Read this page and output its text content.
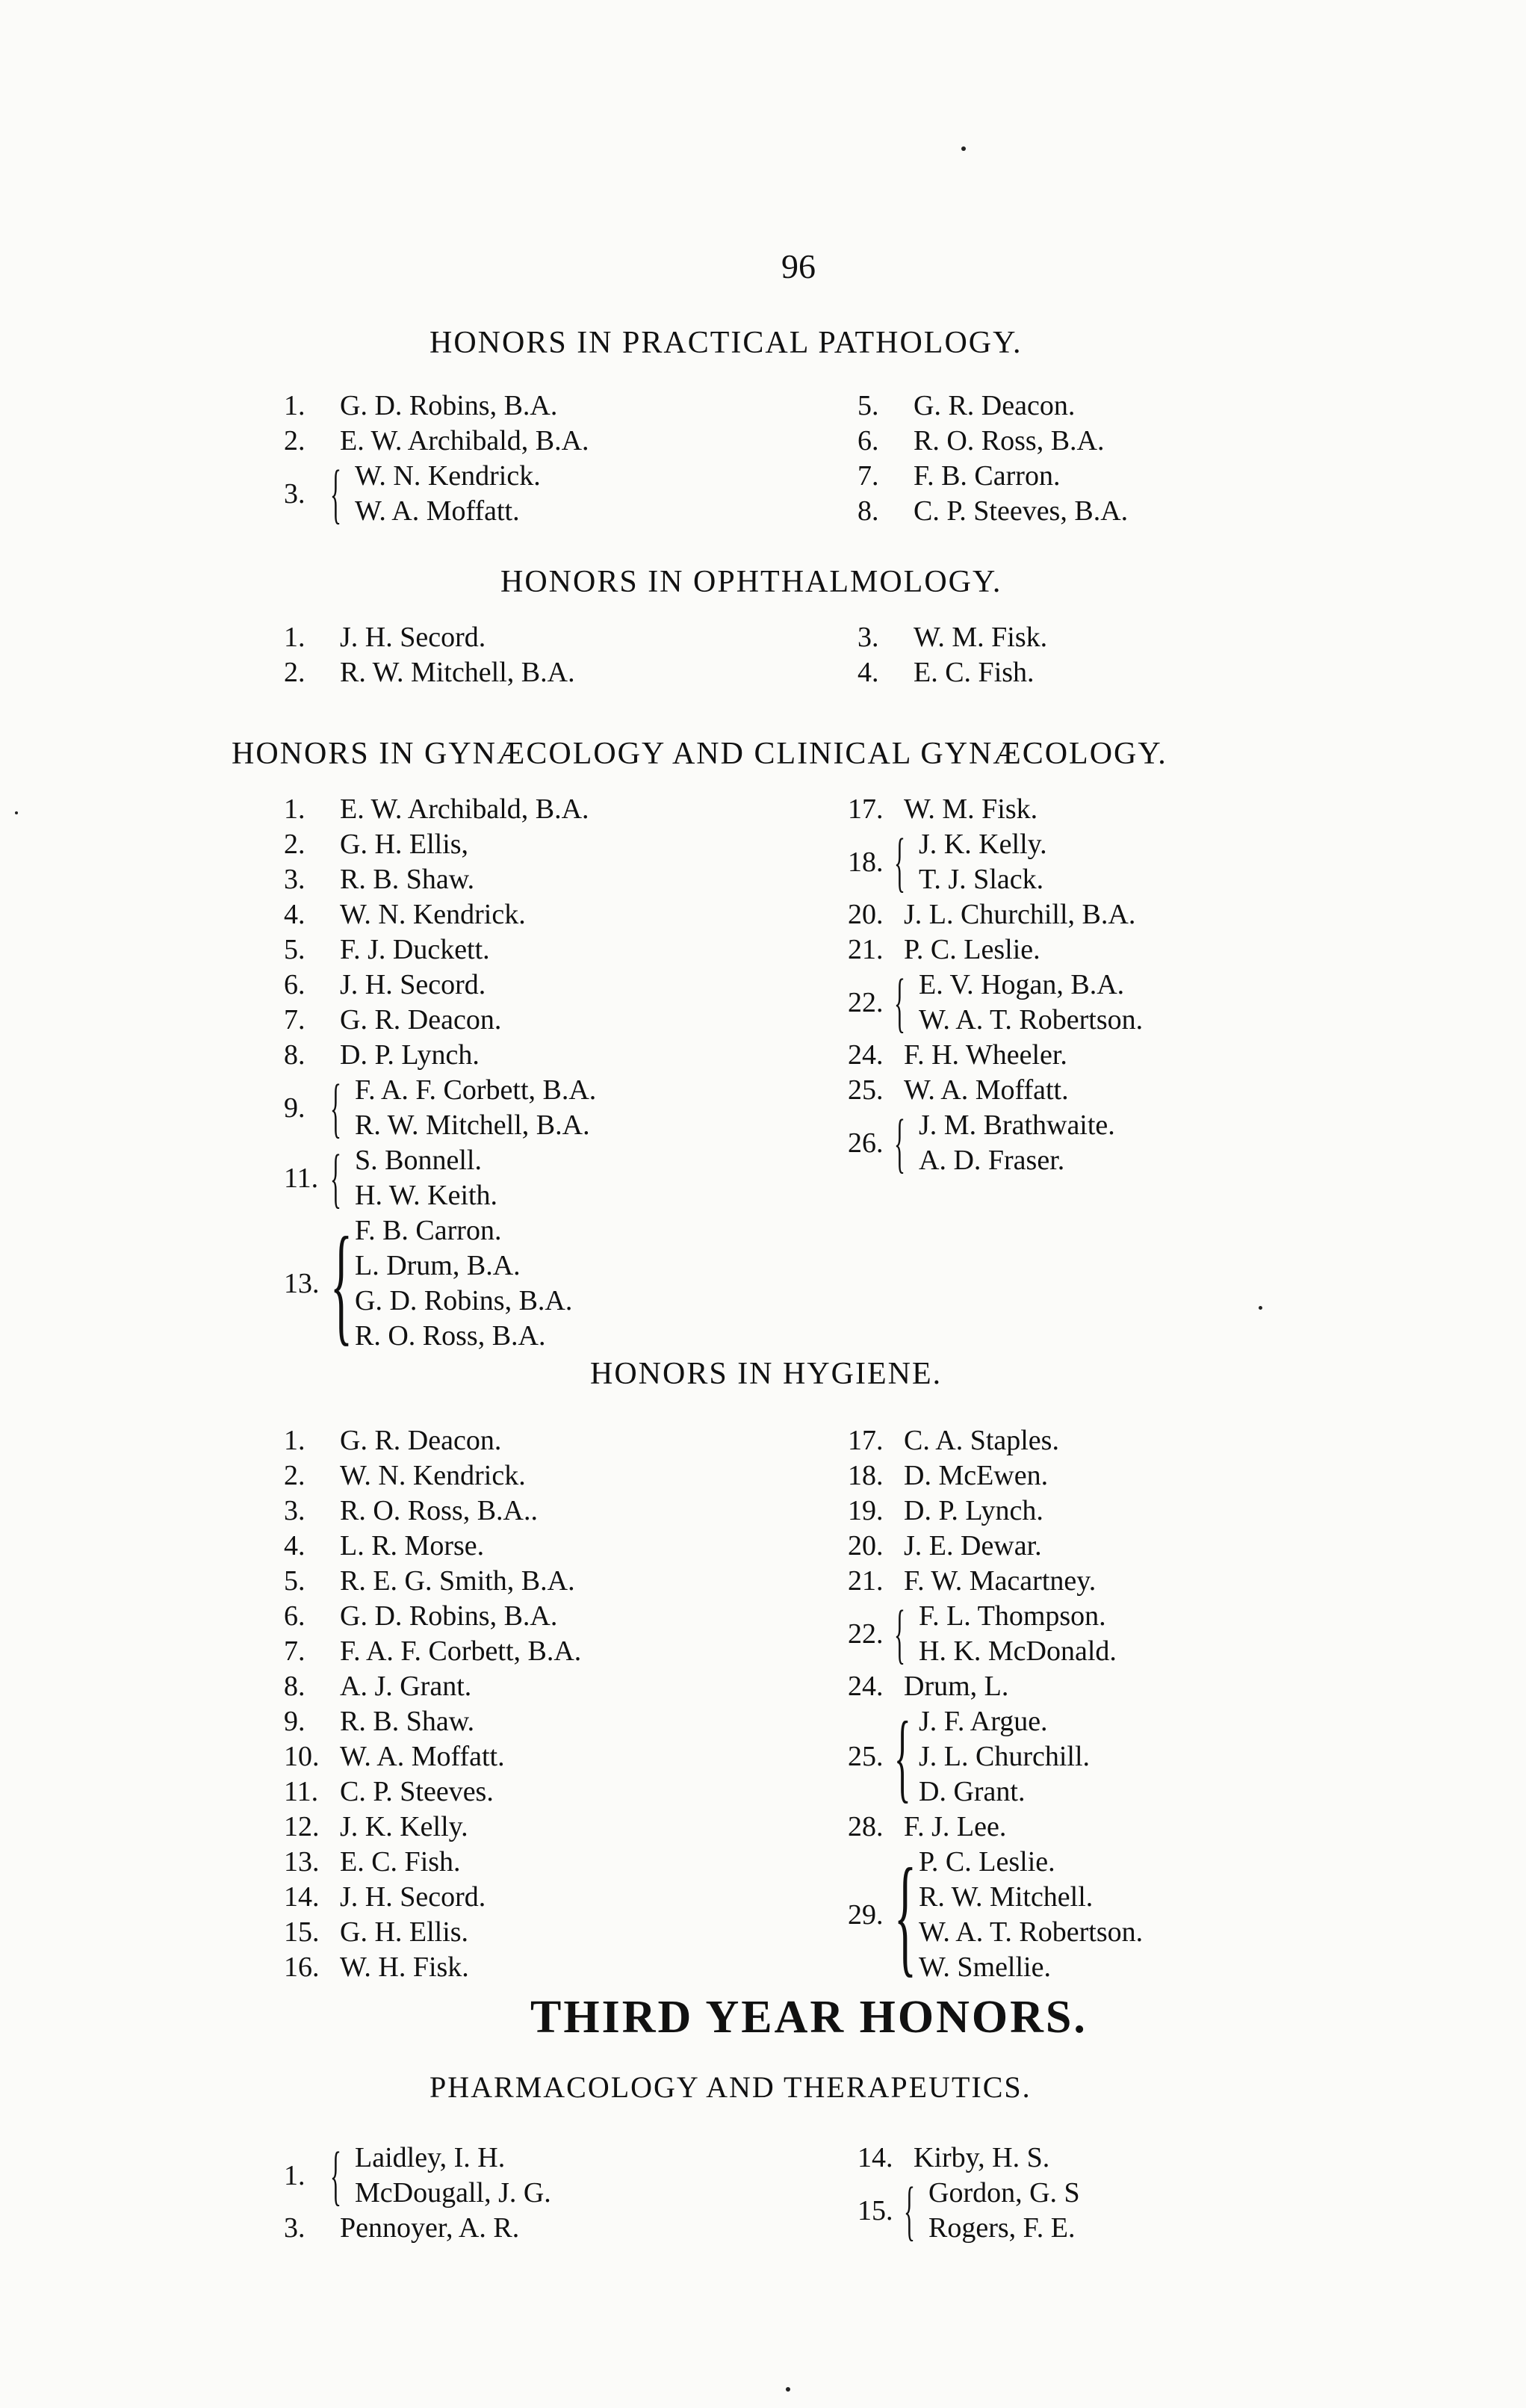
96
HONORS IN PRACTICAL PATHOLOGY.
1. G. D. Robins, B.A.
2. E. W. Archibald, B.A.
3. { W. N. Kendrick.
W. A. Moffatt.
5. G. R. Deacon.
6. R. O. Ross, B.A.
7. F. B. Carron.
8. C. P. Steeves, B.A.
HONORS IN OPHTHALMOLOGY.
1. J. H. Secord.
2. R. W. Mitchell, B.A.
3. W. M. Fisk.
4. E. C. Fish.
HONORS IN GYNÆCOLOGY AND CLINICAL GYNÆCOLOGY.
1. E. W. Archibald, B.A.
2. G. H. Ellis,
3. R. B. Shaw.
4. W. N. Kendrick.
5. F. J. Duckett.
6. J. H. Secord.
7. G. R. Deacon.
8. D. P. Lynch.
9. { F. A. F. Corbett, B.A.
R. W. Mitchell, B.A.
11. { S. Bonnell.
H. W. Keith.
13. { F. B. Carron.
L. Drum, B.A.
G. D. Robins, B.A.
R. O. Ross, B.A.
17. W. M. Fisk.
18. { J. K. Kelly.
T. J. Slack.
20. J. L. Churchill, B.A.
21. P. C. Leslie.
22. { E. V. Hogan, B.A.
W. A. T. Robertson.
24. F. H. Wheeler.
25. W. A. Moffatt.
26. { J. M. Brathwaite.
A. D. Fraser.
HONORS IN HYGIENE.
1. G. R. Deacon.
2. W. N. Kendrick.
3. R. O. Ross, B.A..
4. L. R. Morse.
5. R. E. G. Smith, B.A.
6. G. D. Robins, B.A.
7. F. A. F. Corbett, B.A.
8. A. J. Grant.
9. R. B. Shaw.
10. W. A. Moffatt.
11. C. P. Steeves.
12. J. K. Kelly.
13. E. C. Fish.
14. J. H. Secord.
15. G. H. Ellis.
16. W. H. Fisk.
17. C. A. Staples.
18. D. McEwen.
19. D. P. Lynch.
20. J. E. Dewar.
21. F. W. Macartney.
22. { F. L. Thompson.
H. K. McDonald.
24. Drum, L.
25. { J. F. Argue.
J. L. Churchill.
D. Grant.
28. F. J. Lee.
29. { P. C. Leslie.
R. W. Mitchell.
W. A. T. Robertson.
W. Smellie.
THIRD YEAR HONORS.
PHARMACOLOGY AND THERAPEUTICS.
1. { Laidley, I. H.
McDougall, J. G.
3. Pennoyer, A. R.
14. Kirby, H. S.
15. { Gordon, G. S
Rogers, F. E.
